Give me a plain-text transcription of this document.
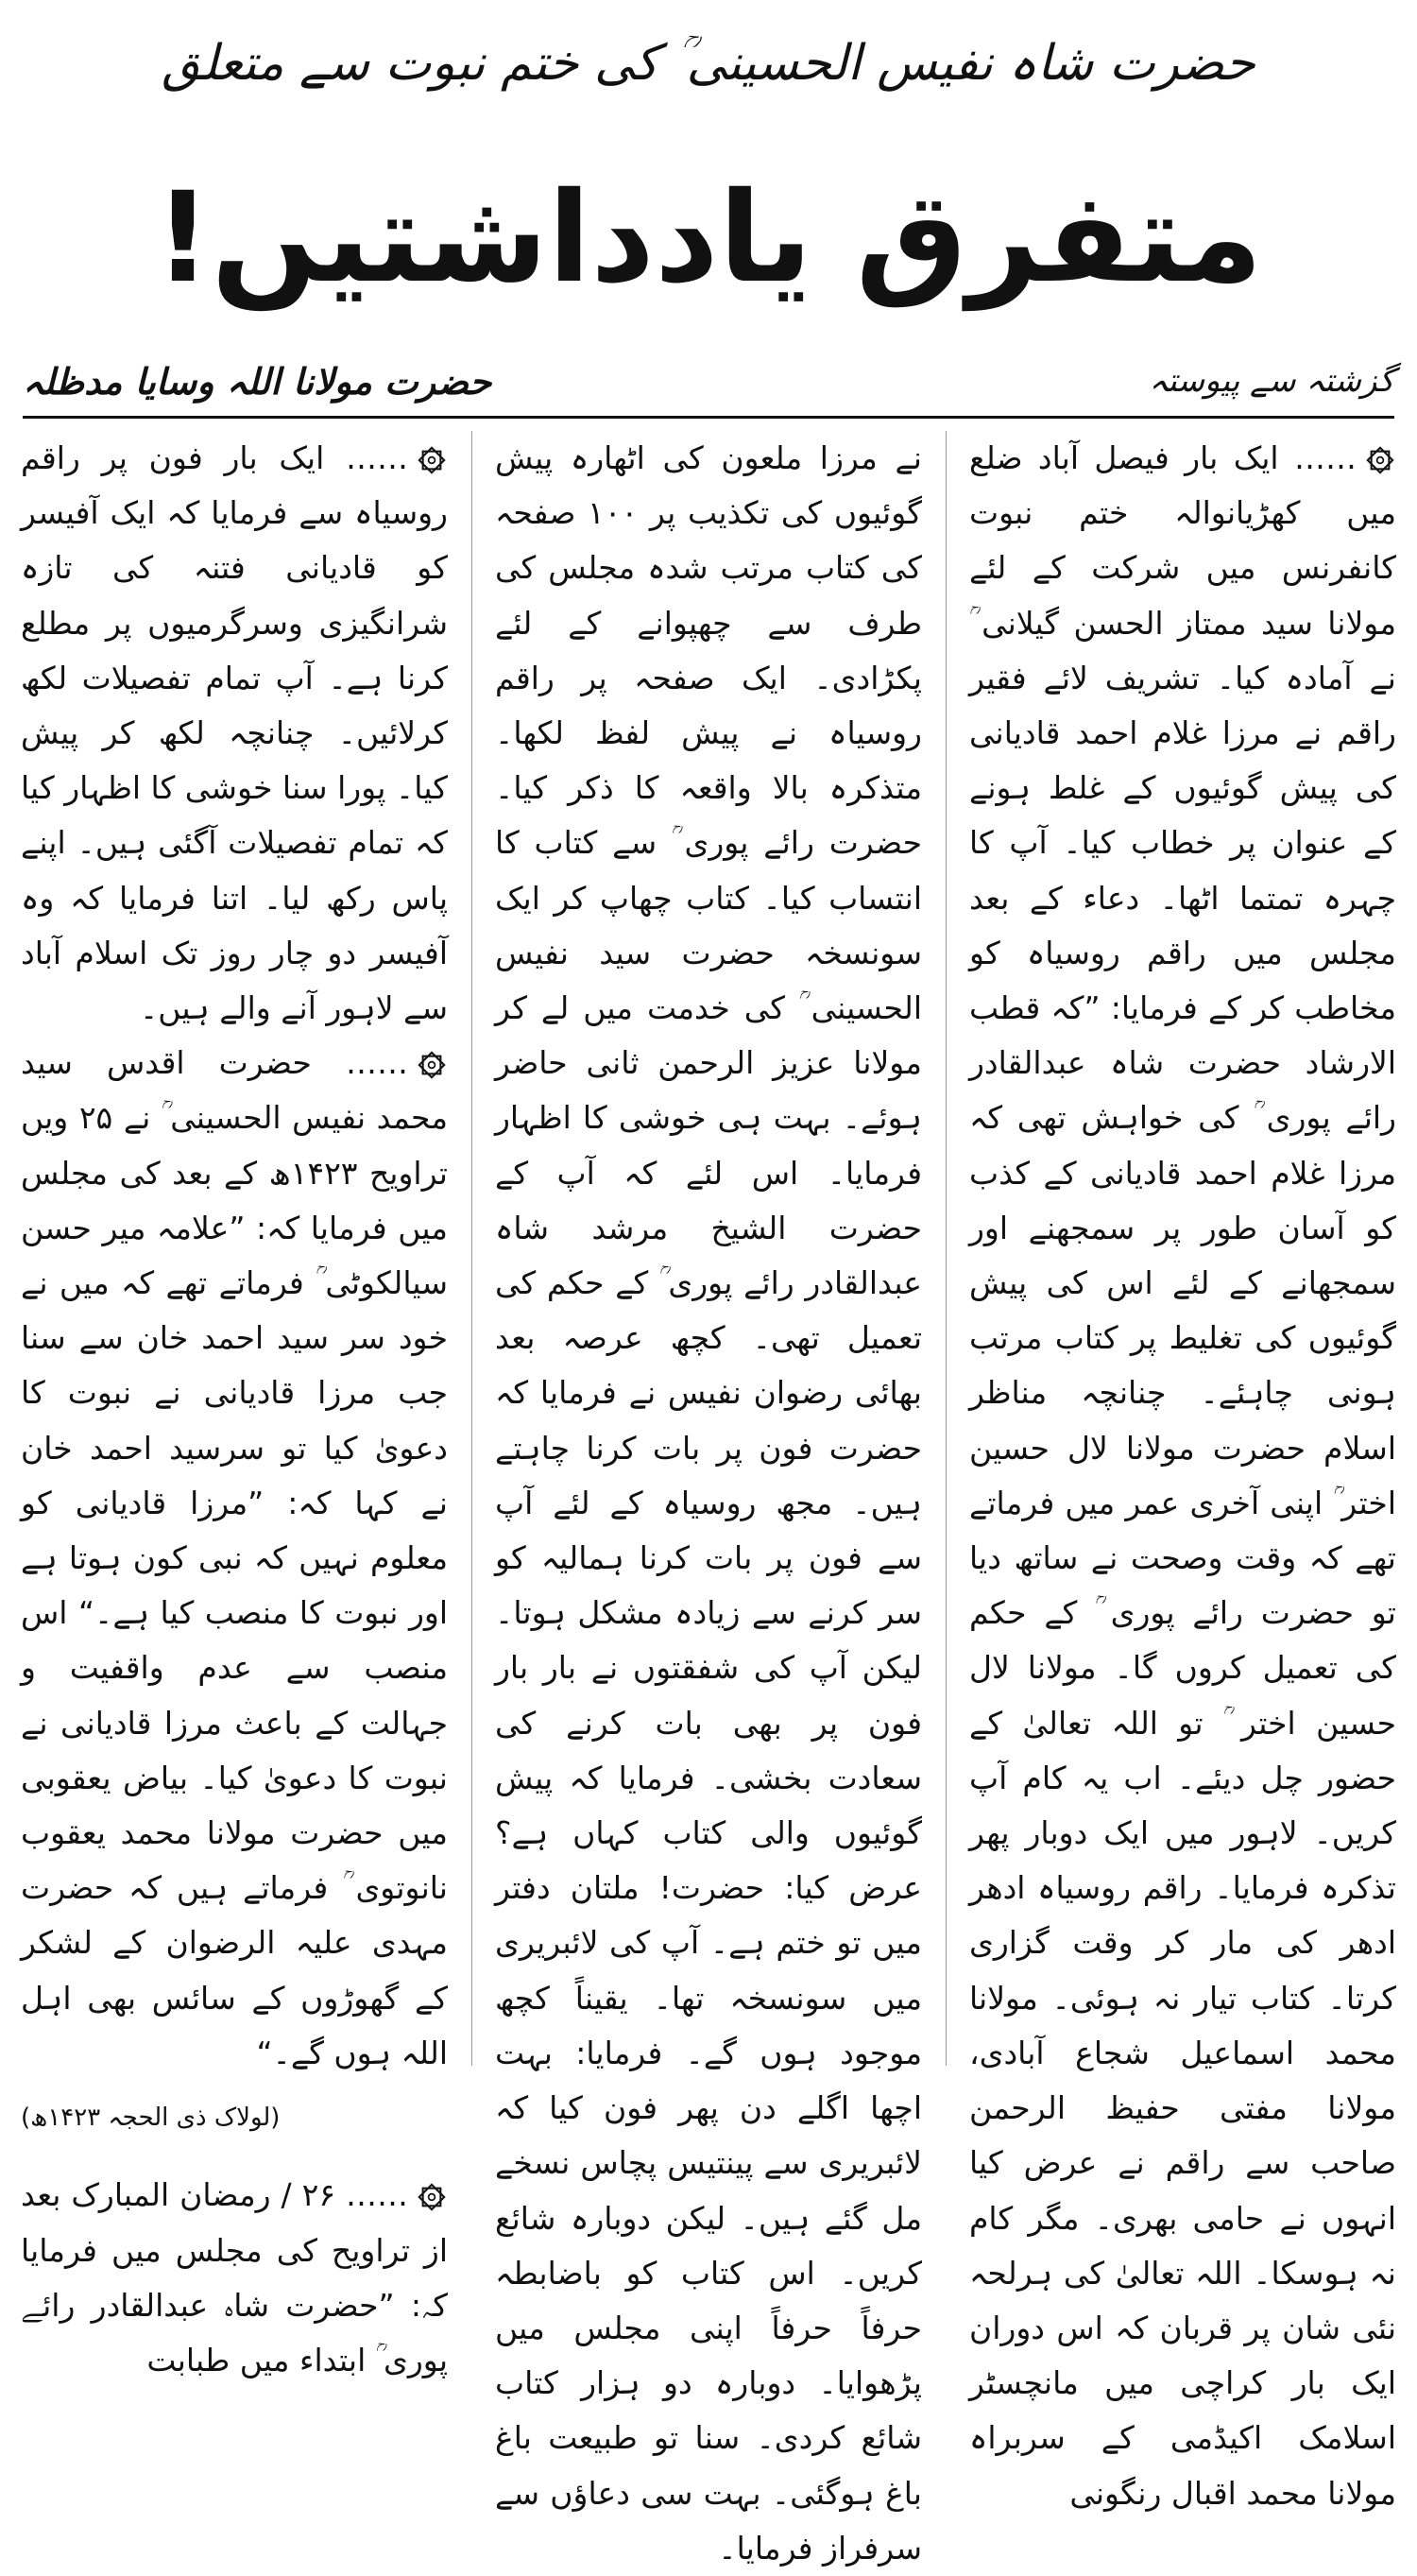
حضرت شاہ نفیس الحسینی ؒ کی ختم نبوت سے متعلق
متفرق یادداشتیں!
گزشتہ سے پیوستہ
حضرت مولانا اللہ وسایا مدظلہ

…… ایک بار فیصل آباد ضلع میں کھڑیانوالہ ختم نبوت کانفرنس میں شرکت کے لئے مولانا سید ممتاز الحسن گیلانی ؒ نے آمادہ کیا۔ تشریف لائے فقیر راقم نے مرزا غلام احمد قادیانی کی پیش گوئیوں کے غلط ہونے کے عنوان پر خطاب کیا۔ آپ کا چہرہ تمتما اٹھا۔ دعاء کے بعد مجلس میں راقم روسیاہ کو مخاطب کر کے فرمایا: ”کہ قطب الارشاد حضرت شاہ عبدالقادر رائے پوری ؒ کی خواہش تھی کہ مرزا غلام احمد قادیانی کے کذب کو آسان طور پر سمجھنے اور سمجھانے کے لئے اس کی پیش گوئیوں کی تغلیط پر کتاب مرتب ہونی چاہئے۔ چنانچہ مناظر اسلام حضرت مولانا لال حسین اختر ؒ اپنی آخری عمر میں فرماتے تھے کہ وقت وصحت نے ساتھ دیا تو حضرت رائے پوری ؒ کے حکم کی تعمیل کروں گا۔ مولانا لال حسین اختر ؒ تو اللہ تعالیٰ کے حضور چل دیئے۔ اب یہ کام آپ کریں۔ لاہور میں ایک دوبار پھر تذکرہ فرمایا۔ راقم روسیاہ ادھر ادھر کی مار کر وقت گزاری کرتا۔ کتاب تیار نہ ہوئی۔ مولانا محمد اسماعیل شجاع آبادی، مولانا مفتی حفیظ الرحمن صاحب سے راقم نے عرض کیا انہوں نے حامی بھری۔ مگر کام نہ ہوسکا۔ اللہ تعالیٰ کی ہرلحہ نئی شان پر قربان کہ اس دوران ایک بار کراچی میں مانچسٹر اسلامک اکیڈمی کے سربراہ مولانا محمد اقبال رنگونی

نے مرزا ملعون کی اٹھارہ پیش گوئیوں کی تکذیب پر ۱۰۰ صفحہ کی کتاب مرتب شدہ مجلس کی طرف سے چھپوانے کے لئے پکڑادی۔ ایک صفحہ پر راقم روسیاہ نے پیش لفظ لکھا۔ متذکرہ بالا واقعہ کا ذکر کیا۔ حضرت رائے پوری ؒ سے کتاب کا انتساب کیا۔ کتاب چھاپ کر ایک سونسخہ حضرت سید نفیس الحسینی ؒ کی خدمت میں لے کر مولانا عزیز الرحمن ثانی حاضر ہوئے۔ بہت ہی خوشی کا اظہار فرمایا۔ اس لئے کہ آپ کے حضرت الشیخ مرشد شاہ عبدالقادر رائے پوری ؒ کے حکم کی تعمیل تھی۔ کچھ عرصہ بعد بھائی رضوان نفیس نے فرمایا کہ حضرت فون پر بات کرنا چاہتے ہیں۔ مجھ روسیاہ کے لئے آپ سے فون پر بات کرنا ہمالیہ کو سر کرنے سے زیادہ مشکل ہوتا۔ لیکن آپ کی شفقتوں نے بار بار فون پر بھی بات کرنے کی سعادت بخشی۔ فرمایا کہ پیش گوئیوں والی کتاب کہاں ہے؟ عرض کیا: حضرت! ملتان دفتر میں تو ختم ہے۔ آپ کی لائبریری میں سونسخہ تھا۔ یقیناً کچھ موجود ہوں گے۔ فرمایا: بہت اچھا اگلے دن پھر فون کیا کہ لائبریری سے پینتیس پچاس نسخے مل گئے ہیں۔ لیکن دوبارہ شائع کریں۔ اس کتاب کو باضابطہ حرفاً حرفاً اپنی مجلس میں پڑھوایا۔ دوبارہ دو ہزار کتاب شائع کردی۔ سنا تو طبیعت باغ باغ ہوگئی۔ بہت سی دعاؤں سے سرفراز فرمایا۔

…… ایک بار فون پر راقم روسیاہ سے فرمایا کہ ایک آفیسر کو قادیانی فتنہ کی تازہ شرانگیزی وسرگرمیوں پر مطلع کرنا ہے۔ آپ تمام تفصیلات لکھ کرلائیں۔ چنانچہ لکھ کر پیش کیا۔ پورا سنا خوشی کا اظہار کیا کہ تمام تفصیلات آگئی ہیں۔ اپنے پاس رکھ لیا۔ اتنا فرمایا کہ وہ آفیسر دو چار روز تک اسلام آباد سے لاہور آنے والے ہیں۔

…… حضرت اقدس سید محمد نفیس الحسینی ؒ نے ۲۵ ویں تراویح ۱۴۲۳ھ کے بعد کی مجلس میں فرمایا کہ: ”علامہ میر حسن سیالکوٹی ؒ فرماتے تھے کہ میں نے خود سر سید احمد خان سے سنا جب مرزا قادیانی نے نبوت کا دعویٰ کیا تو سرسید احمد خان نے کہا کہ: ”مرزا قادیانی کو معلوم نہیں کہ نبی کون ہوتا ہے اور نبوت کا منصب کیا ہے۔“ اس منصب سے عدم واقفیت و جہالت کے باعث مرزا قادیانی نے نبوت کا دعویٰ کیا۔ بیاض یعقوبی میں حضرت مولانا محمد یعقوب نانوتوی ؒ فرماتے ہیں کہ حضرت مہدی علیہ الرضوان کے لشکر کے گھوڑوں کے سائس بھی اہل اللہ ہوں گے۔“

(لولاک ذی الحجہ ۱۴۲۳ھ)

…… ۲۶ / رمضان المبارک بعد از تراویح کی مجلس میں فرمایا کہ: ”حضرت شاہ عبدالقادر رائے پوری ؒ ابتداء میں طبابت
